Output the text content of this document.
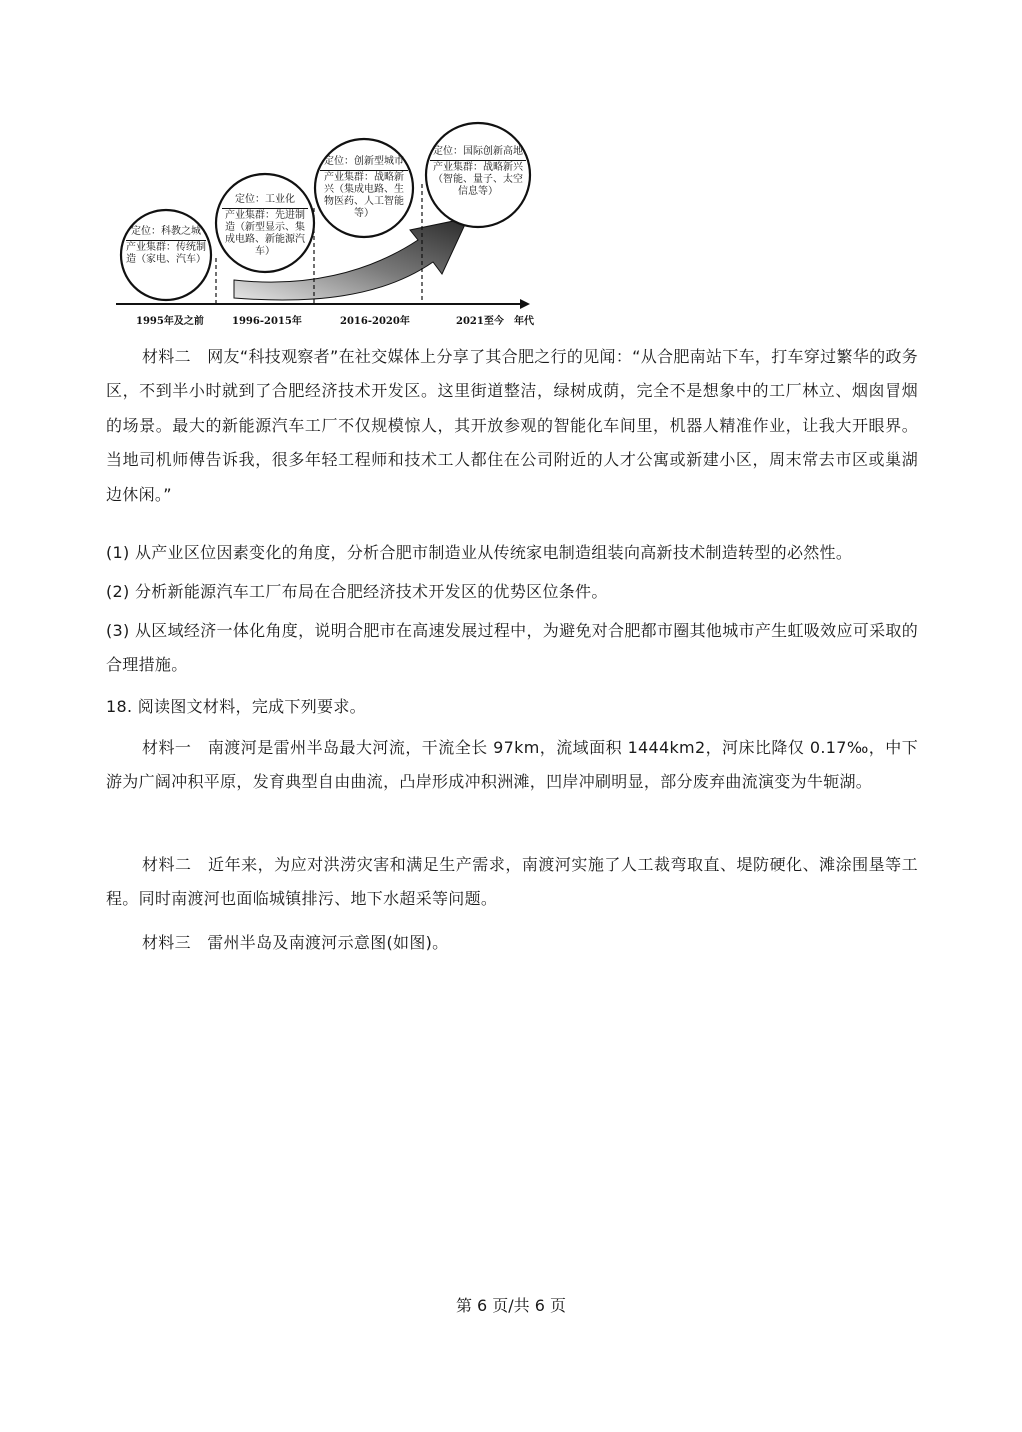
定位：科教之城
产业集群：传统制造（家电、汽车）
定位：工业化
产业集群：先进制造（新型显示、集成电路、新能源汽车）
定位：创新型城市
产业集群：战略新兴（集成电路、生物医药、人工智能等）
定位：国际创新高地
产业集群：战略新兴（智能、量子、太空信息等）
1995年及之前	1996-2015年	2016-2020年	2021至今 年代

材料二　网友“科技观察者”在社交媒体上分享了其合肥之行的见闻：“从合肥南站下车，打车穿过繁华的政务区，不到半小时就到了合肥经济技术开发区。这里街道整洁，绿树成荫，完全不是想象中的工厂林立、烟囱冒烟的场景。最大的新能源汽车工厂不仅规模惊人，其开放参观的智能化车间里，机器人精准作业，让我大开眼界。当地司机师傅告诉我，很多年轻工程师和技术工人都住在公司附近的人才公寓或新建小区，周末常去市区或巢湖边休闲。”

(1) 从产业区位因素变化的角度，分析合肥市制造业从传统家电制造组装向高新技术制造转型的必然性。

(2) 分析新能源汽车工厂布局在合肥经济技术开发区的优势区位条件。

(3) 从区域经济一体化角度，说明合肥市在高速发展过程中，为避免对合肥都市圈其他城市产生虹吸效应可采取的合理措施。

18. 阅读图文材料，完成下列要求。

材料一　南渡河是雷州半岛最大河流，干流全长 97km，流域面积 1444km2，河床比降仅 0.17‰，中下游为广阔冲积平原，发育典型自由曲流，凸岸形成冲积洲滩，凹岸冲刷明显，部分废弃曲流演变为牛轭湖。

材料二　近年来，为应对洪涝灾害和满足生产需求，南渡河实施了人工裁弯取直、堤防硬化、滩涂围垦等工程。同时南渡河也面临城镇排污、地下水超采等问题。

材料三　雷州半岛及南渡河示意图(如图)。

第 6 页/共 6 页
